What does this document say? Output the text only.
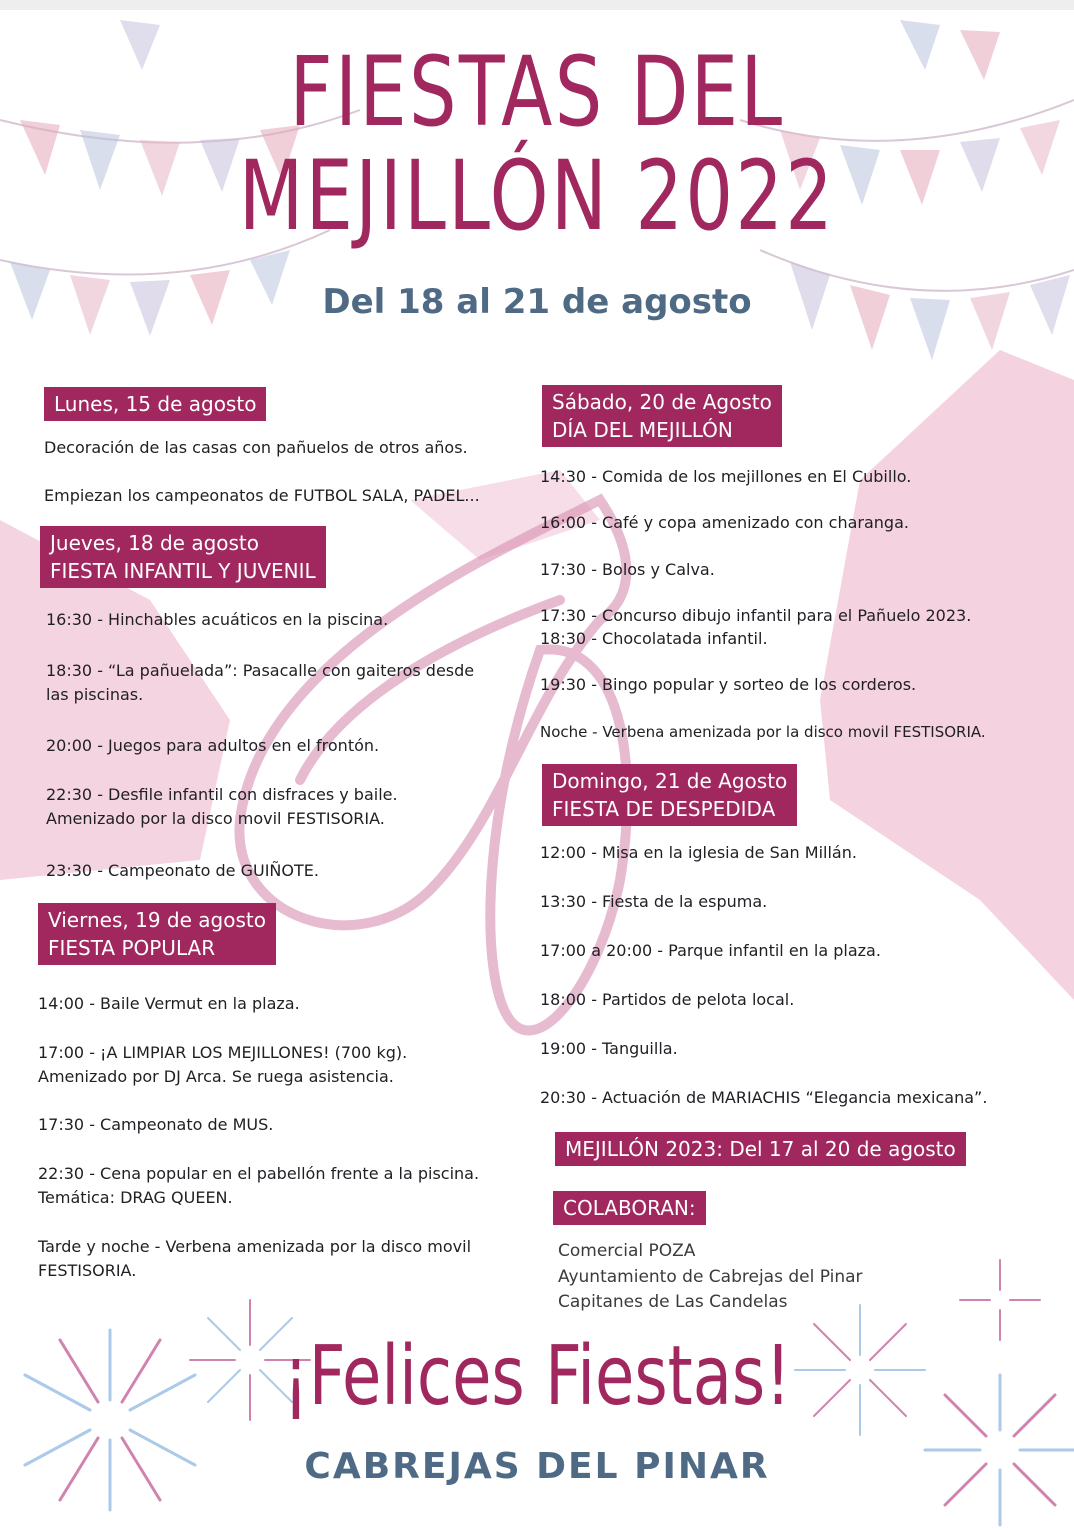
FIESTAS DEL
MEJILLÓN 2022
Del 18 al 21 de agosto
Lunes, 15 de agosto
Decoración de las casas con pañuelos de otros años.
Empiezan los campeonatos de FUTBOL SALA, PADEL...
Jueves, 18 de agosto
FIESTA INFANTIL Y JUVENIL
16:30 - Hinchables acuáticos en la piscina.
18:30 - “La pañuelada”: Pasacalle con gaiteros desde las piscinas.
20:00 - Juegos para adultos en el frontón.
22:30 - Desfile infantil con disfraces y baile. Amenizado por la disco movil FESTISORIA.
23:30 - Campeonato de GUIÑOTE.
Viernes, 19 de agosto
FIESTA POPULAR
14:00 - Baile Vermut en la plaza.
17:00 - ¡A LIMPIAR LOS MEJILLONES! (700 kg). Amenizado por DJ Arca. Se ruega asistencia.
17:30 - Campeonato de MUS.
22:30 - Cena popular en el pabellón frente a la piscina. Temática: DRAG QUEEN.
Tarde y noche - Verbena amenizada por la disco movil FESTISORIA.
Sábado, 20 de Agosto
DÍA DEL MEJILLÓN
14:30 - Comida de los mejillones en El Cubillo.
16:00 - Café y copa amenizado con charanga.
17:30 - Bolos y Calva.
17:30 - Concurso dibujo infantil para el Pañuelo 2023.
18:30 - Chocolatada infantil.
19:30 - Bingo popular y sorteo de los corderos.
Noche - Verbena amenizada por la disco movil FESTISORIA.
Domingo, 21 de Agosto
FIESTA DE DESPEDIDA
12:00 - Misa en la iglesia de San Millán.
13:30 - Fiesta de la espuma.
17:00 a 20:00 - Parque infantil en la plaza.
18:00 - Partidos de pelota local.
19:00 - Tanguilla.
20:30 - Actuación de MARIACHIS “Elegancia mexicana”.
MEJILLÓN 2023: Del 17 al 20 de agosto
COLABORAN:
Comercial POZA
Ayuntamiento de Cabrejas del Pinar
Capitanes de Las Candelas
¡Felices Fiestas!
CABREJAS DEL PINAR
